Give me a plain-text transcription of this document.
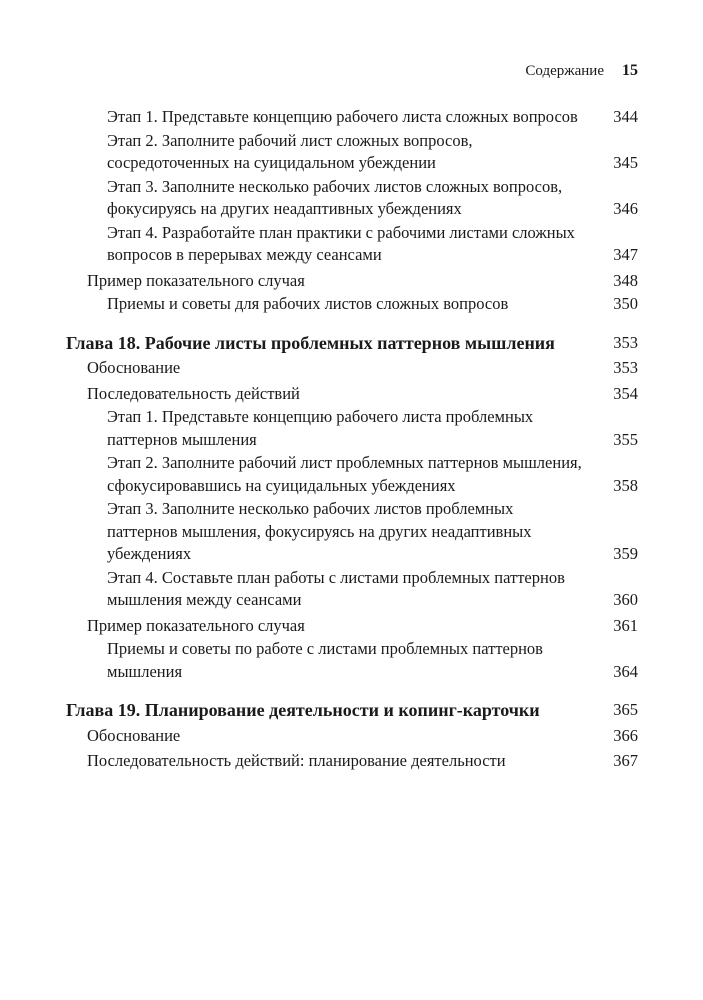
Содержание 15
Этап 1. Представьте концепцию рабочего листа сложных вопросов	344
Этап 2. Заполните рабочий лист сложных вопросов, сосредоточенных на суицидальном убеждении	345
Этап 3. Заполните несколько рабочих листов сложных вопросов, фокусируясь на других неадаптивных убеждениях	346
Этап 4. Разработайте план практики с рабочими листами сложных вопросов в перерывах между сеансами	347
Пример показательного случая	348
Приемы и советы для рабочих листов сложных вопросов	350
Глава 18. Рабочие листы проблемных паттернов мышления	353
Обоснование	353
Последовательность действий	354
Этап 1. Представьте концепцию рабочего листа проблемных паттернов мышления	355
Этап 2. Заполните рабочий лист проблемных паттернов мышления, сфокусировавшись на суицидальных убеждениях	358
Этап 3. Заполните несколько рабочих листов проблемных паттернов мышления, фокусируясь на других неадаптивных убеждениях	359
Этап 4. Составьте план работы с листами проблемных паттернов мышления между сеансами	360
Пример показательного случая	361
Приемы и советы по работе с листами проблемных паттернов мышления	364
Глава 19. Планирование деятельности и копинг-карточки	365
Обоснование	366
Последовательность действий: планирование деятельности	367
